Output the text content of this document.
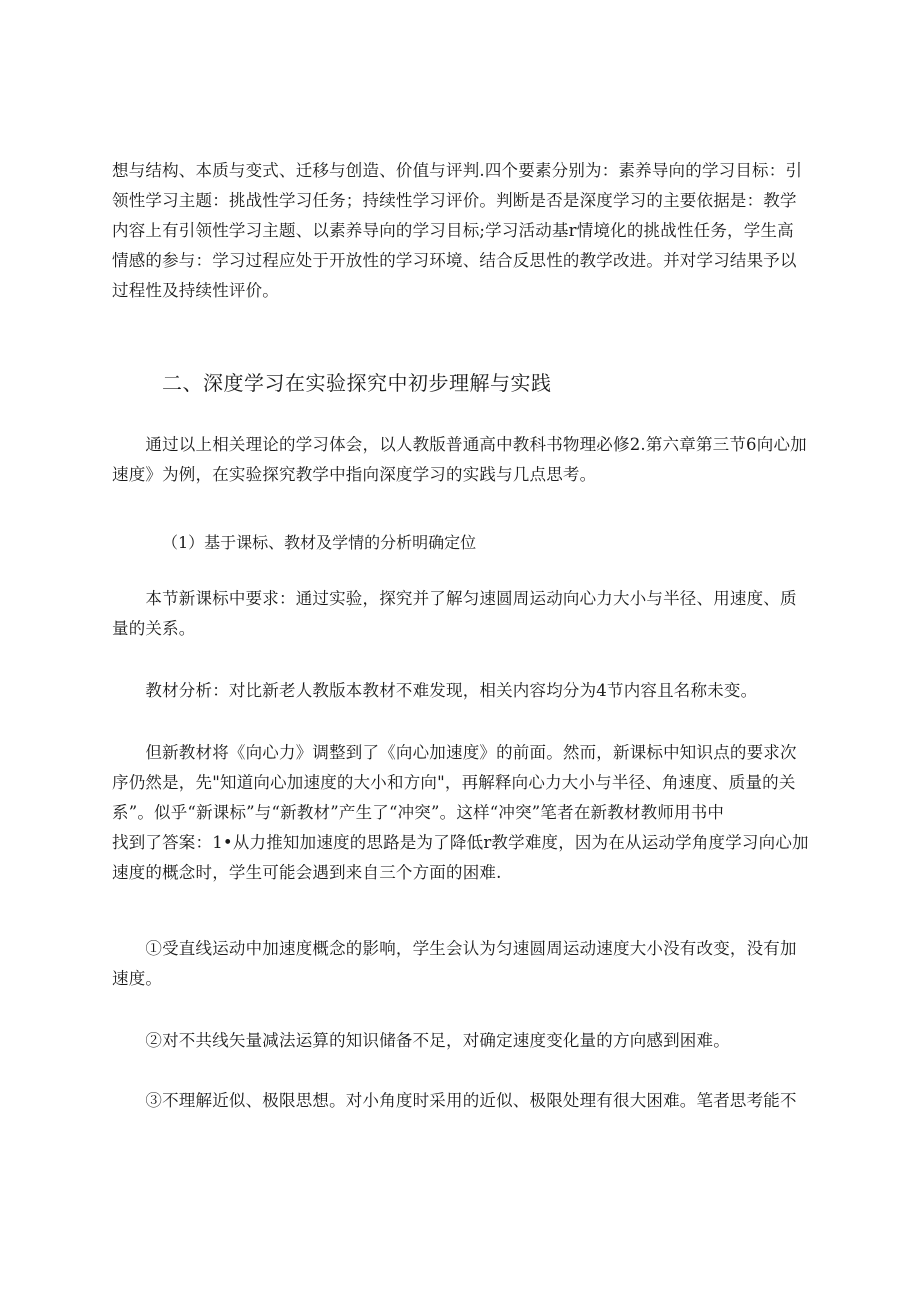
想与结构、本质与变式、迁移与创造、价值与评判.四个要素分别为：素养导向的学习目标：引
领性学习主题：挑战性学习任务；持续性学习评价。判断是否是深度学习的主要依据是：教学
内容上有引领性学习主题、以素养导向的学习目标;学习活动基r情境化的挑战性任务，学生高
情感的参与：学习过程应处于开放性的学习环境、结合反思性的教学改进。并对学习结果予以
过程性及持续性评价。
二、深度学习在实验探究中初步理解与实践
　　通过以上相关理论的学习体会，以人教版普通高中教科书物理必修2.第六章第三节6向心加
速度》为例，在实验探究教学中指向深度学习的实践与几点思考。
（1）基于课标、教材及学情的分析明确定位
　　本节新课标中要求：通过实验，探究并了解匀速圆周运动向心力大小与半径、用速度、质
量的关系。
　　教材分析：对比新老人教版本教材不难发现，相关内容均分为4节内容且名称未变。
　　但新教材将《向心力》调整到了《向心加速度》的前面。然而，新课标中知识点的要求次
序仍然是，先"知道向心加速度的大小和方向"，再解释向心力大小与半径、角速度、质量的关
系”。似乎“新课标”与“新教材”产生了“冲突”。这样“冲突”笔者在新教材教师用书中
找到了答案：1•从力推知加速度的思路是为了降低r教学难度，因为在从运动学角度学习向心加
速度的概念时，学生可能会遇到来自三个方面的困难.
　　①受直线运动中加速度概念的影响，学生会认为匀速圆周运动速度大小没有改变，没有加
速度。
　　②对不共线矢量减法运算的知识储备不足，对确定速度变化量的方向感到困难。
　　③不理解近似、极限思想。对小角度时采用的近似、极限处理有很大困难。笔者思考能不
